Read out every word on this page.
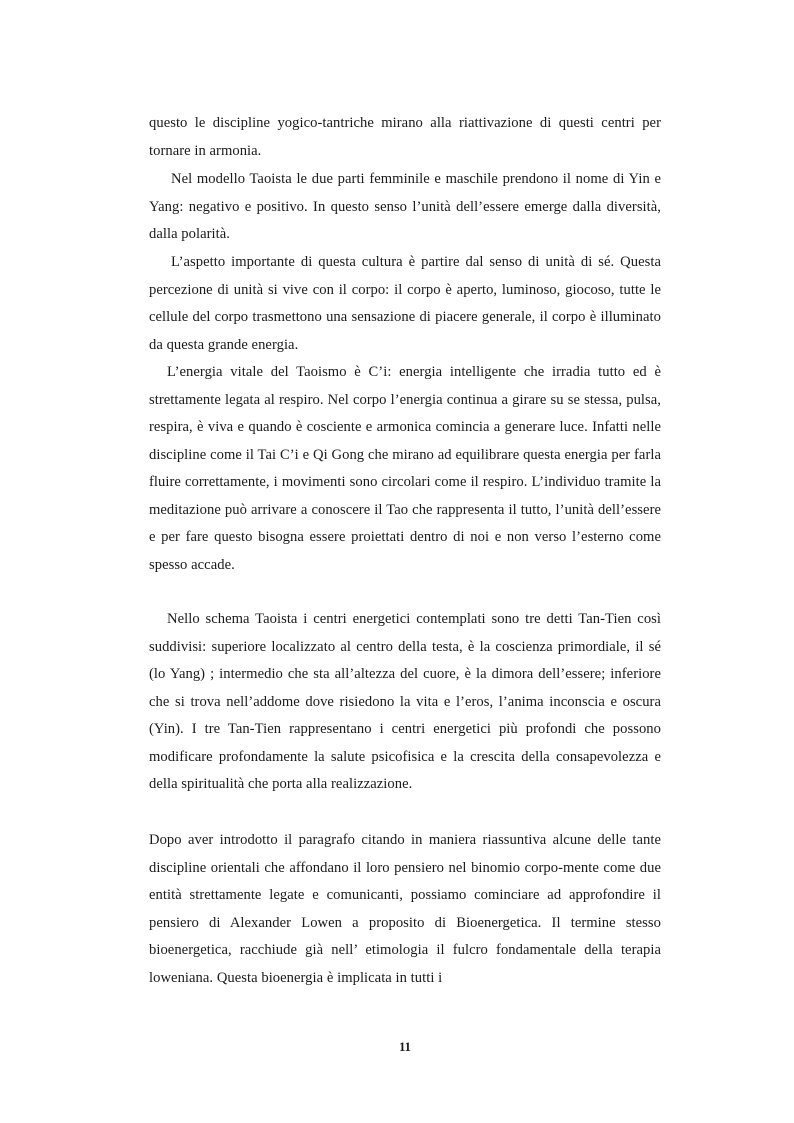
questo le discipline yogico-tantriche mirano alla riattivazione di questi centri per tornare in armonia.

Nel modello Taoista le due parti femminile e maschile prendono il nome di Yin e Yang: negativo e positivo. In questo senso l’unità dell’essere emerge dalla diversità, dalla polarità.

L’aspetto importante di questa cultura è partire dal senso di unità di sé. Questa percezione di unità si vive con il corpo: il corpo è aperto, luminoso, giocoso, tutte le cellule del corpo trasmettono una sensazione di piacere generale, il corpo è illuminato da questa grande energia.

L’energia vitale del Taoismo è C’i: energia intelligente che irradia tutto ed è strettamente legata al respiro. Nel corpo l’energia continua a girare su se stessa, pulsa, respira, è viva e quando è cosciente e armonica comincia a generare luce. Infatti nelle discipline come il Tai C’i e Qi Gong che mirano ad equilibrare questa energia per farla fluire correttamente, i movimenti sono circolari come il respiro. L’individuo tramite la meditazione può arrivare a conoscere il Tao che rappresenta il tutto, l’unità dell’essere e per fare questo bisogna essere proiettati dentro di noi e non verso l’esterno come spesso accade.

Nello schema Taoista i centri energetici contemplati sono tre detti Tan-Tien così suddivisi: superiore localizzato al centro della testa, è la coscienza primordiale, il sé (lo Yang) ; intermedio che sta all’altezza del cuore, è la dimora dell’essere; inferiore che si trova nell’addome dove risiedono la vita e l’eros, l’anima inconscia e oscura (Yin). I tre Tan-Tien rappresentano i centri energetici più profondi che possono modificare profondamente la salute psicofisica e la crescita della consapevolezza e della spiritualità che porta alla realizzazione.

Dopo aver introdotto il paragrafo citando in maniera riassuntiva alcune delle tante discipline orientali che affondano il loro pensiero nel binomio corpo-mente come due entità strettamente legate e comunicanti, possiamo cominciare ad approfondire il pensiero di Alexander Lowen a proposito di Bioenergetica. Il termine stesso bioenergetica, racchiude già nell’ etimologia il fulcro fondamentale della terapia loweniana. Questa bioenergia è implicata in tutti i

11
